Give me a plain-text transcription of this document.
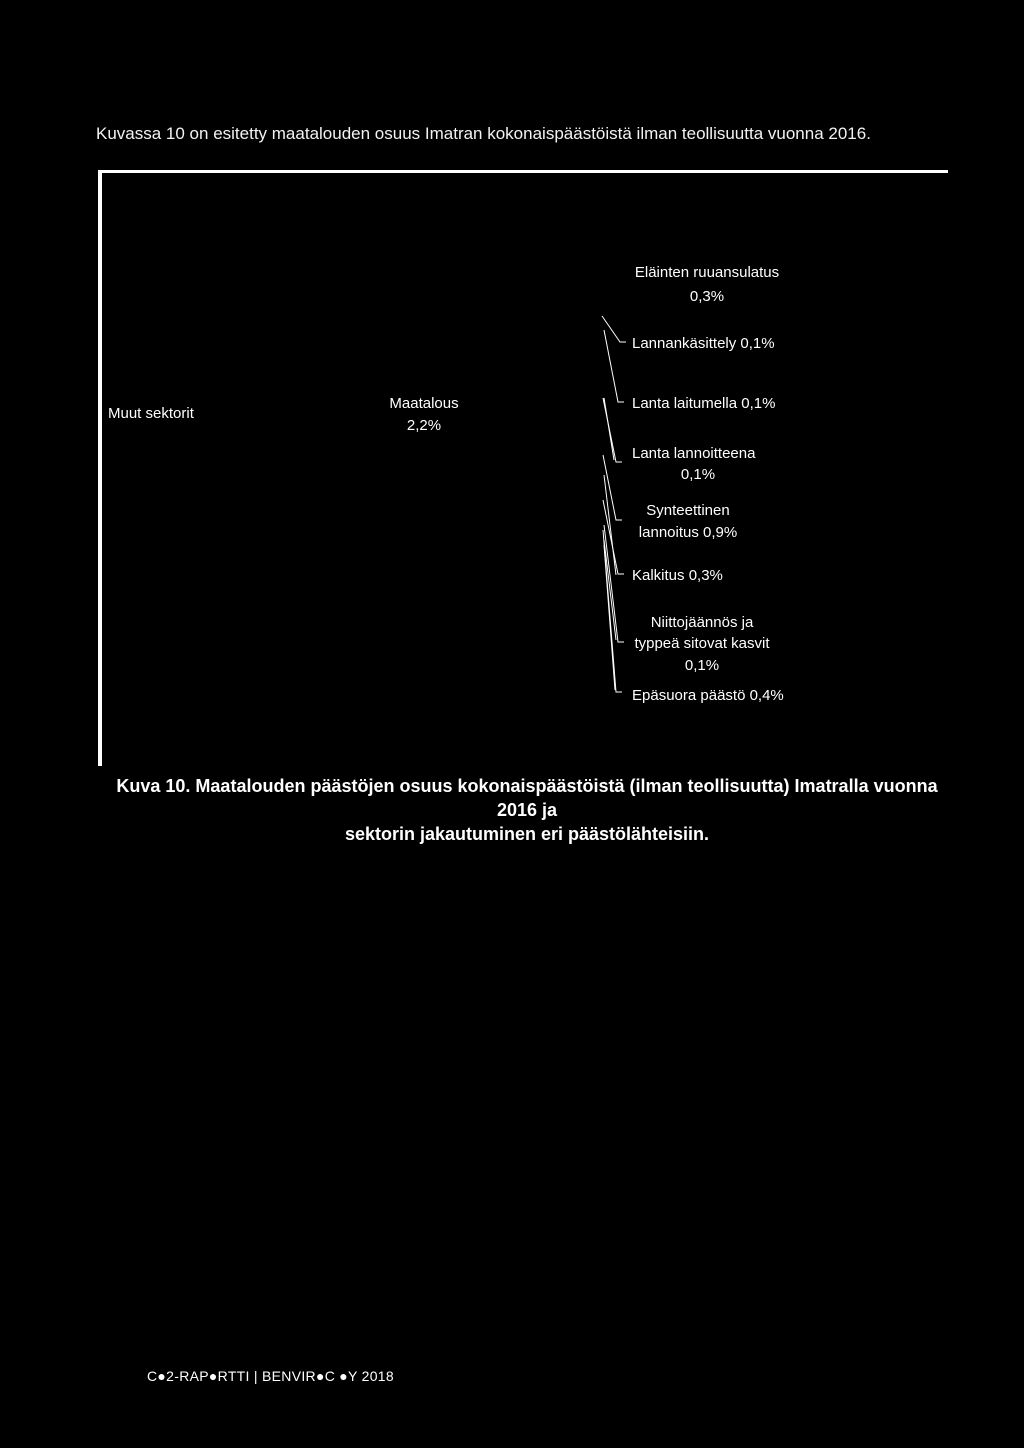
Kuvassa 10 on esitetty maatalouden osuus Imatran kokonaispäästöistä ilman teollisuutta vuonna 2016.
Muut sektorit
Maatalous
2,2%
Eläinten ruuansulatus
0,3%
Lannankäsittely 0,1%
Lanta laitumella 0,1%
Lanta lannoitteena
0,1%
Synteettinen
lannoitus 0,9%
Kalkitus 0,3%
Niittojäännös ja
typpeä sitovat kasvit
0,1%
Epäsuora päästö 0,4%
Kuva 10. Maatalouden päästöjen osuus kokonaispäästöistä (ilman teollisuutta) Imatralla vuonna 2016 ja
sektorin jakautuminen eri päästölähteisiin.
C●2-RAP●RTTI | BENVIR●C ●Y 2018
